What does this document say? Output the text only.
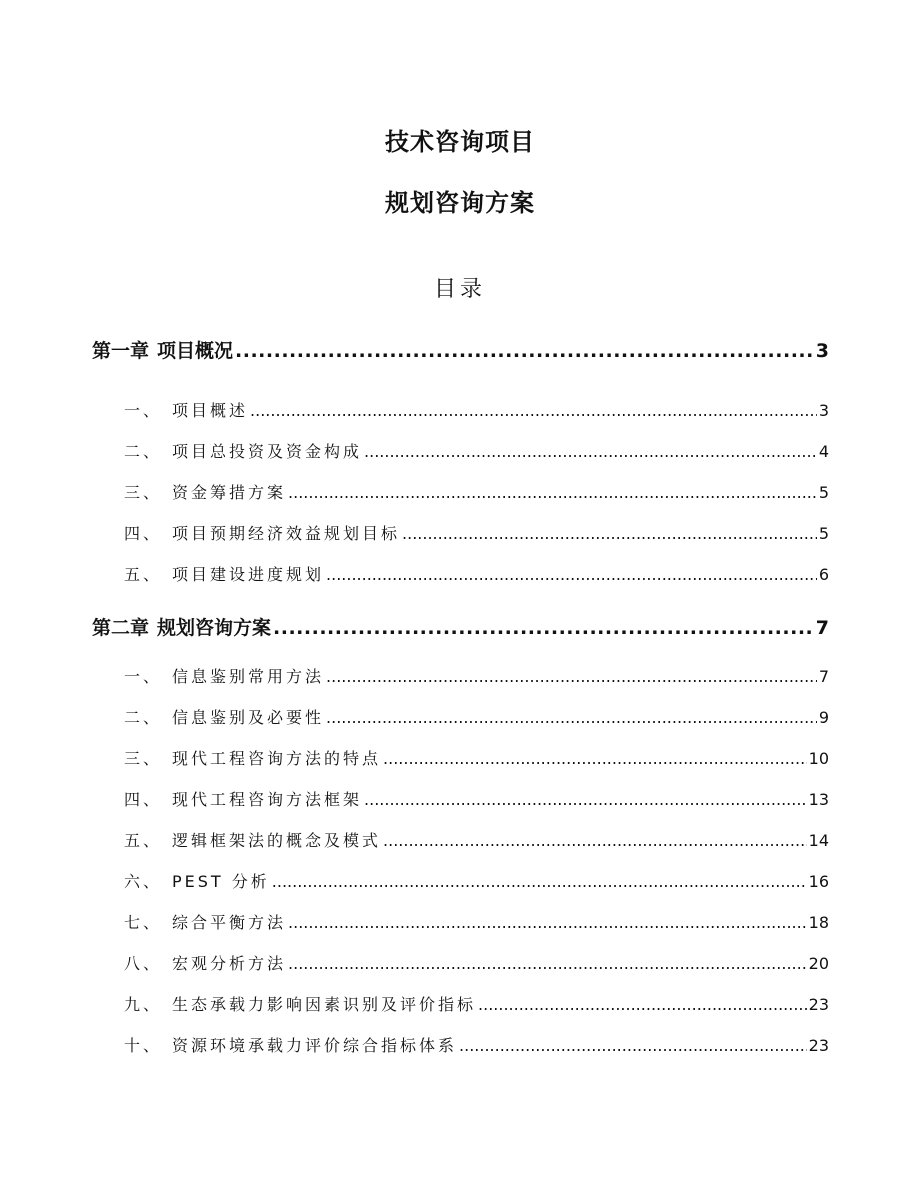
技术咨询项目
规划咨询方案
目录
第一章 项目概况 .....	3
一、 项目概述 .....	3
二、 项目总投资及资金构成 .....	4
三、 资金筹措方案 .....	5
四、 项目预期经济效益规划目标 .....	5
五、 项目建设进度规划 .....	6
第二章 规划咨询方案 .....	7
一、 信息鉴别常用方法 .....	7
二、 信息鉴别及必要性 .....	9
三、 现代工程咨询方法的特点 .....	10
四、 现代工程咨询方法框架 .....	13
五、 逻辑框架法的概念及模式 .....	14
六、 PEST 分析 .....	16
七、 综合平衡方法 .....	18
八、 宏观分析方法 .....	20
九、 生态承载力影响因素识别及评价指标 .....	23
十、 资源环境承载力评价综合指标体系 .....	23
